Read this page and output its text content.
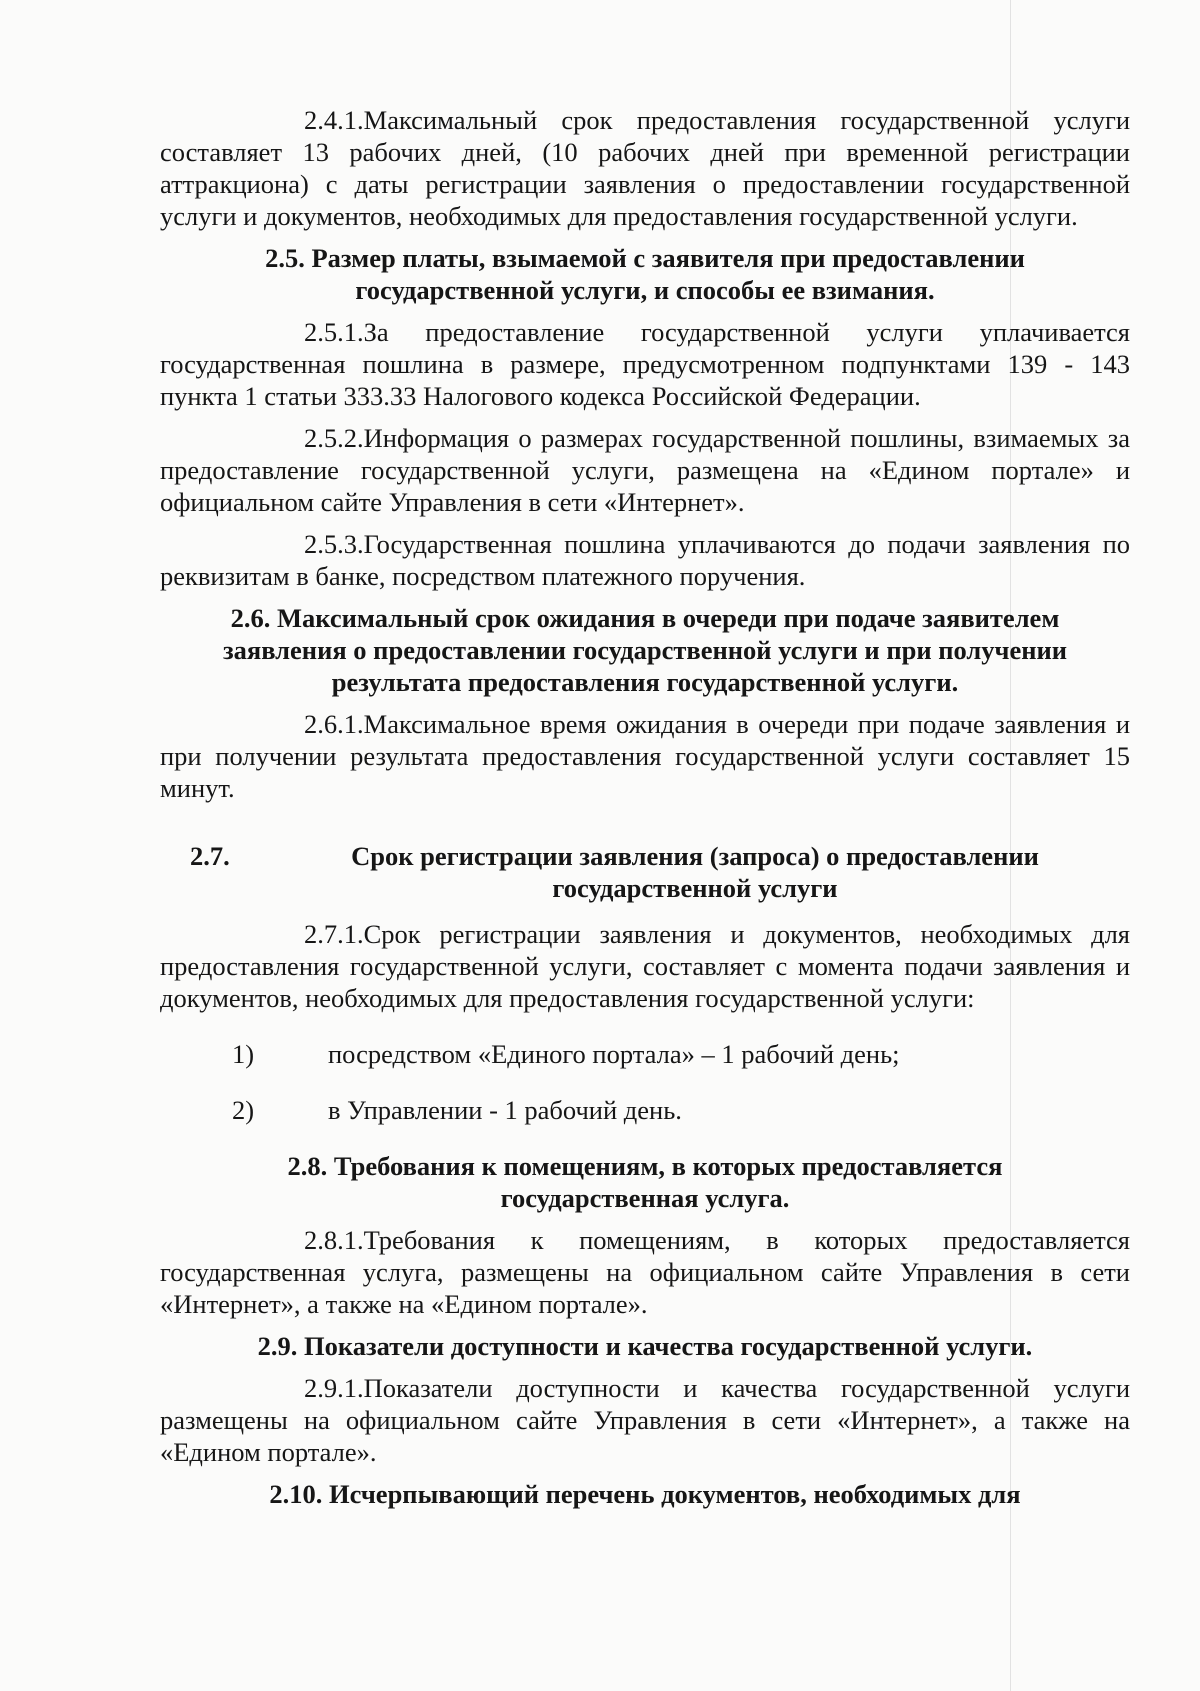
2.4.1.Максимальный срок предоставления государственной услуги составляет 13 рабочих дней, (10 рабочих дней при временной регистрации аттракциона) с даты регистрации заявления о предоставлении государственной услуги и документов, необходимых для предоставления государственной услуги.

2.5. Размер платы, взымаемой с заявителя при предоставлении государственной услуги, и способы ее взимания.

2.5.1.За предоставление государственной услуги уплачивается государственная пошлина в размере, предусмотренном подпунктами 139 - 143 пункта 1 статьи 333.33 Налогового кодекса Российской Федерации.

2.5.2.Информация о размерах государственной пошлины, взимаемых за предоставление государственной услуги, размещена на «Едином портале» и официальном сайте Управления в сети «Интернет».

2.5.3.Государственная пошлина уплачиваются до подачи заявления по реквизитам в банке, посредством платежного поручения.

2.6. Максимальный срок ожидания в очереди при подаче заявителем заявления о предоставлении государственной услуги и при получении результата предоставления государственной услуги.

2.6.1.Максимальное время ожидания в очереди при подаче заявления и при получении результата предоставления государственной услуги составляет 15 минут.

2.7.	Срок регистрации заявления (запроса) о предоставлении государственной услуги

2.7.1.Срок регистрации заявления и документов, необходимых для предоставления государственной услуги, составляет с момента подачи заявления и документов, необходимых для предоставления государственной услуги:

1)	посредством «Единого портала» – 1 рабочий день;
2)	в Управлении - 1 рабочий день.
2.8. Требования к помещениям, в которых предоставляется государственная услуга.

2.8.1.Требования к помещениям, в которых предоставляется государственная услуга, размещены на официальном сайте Управления в сети «Интернет», а также на «Едином портале».

2.9. Показатели доступности и качества государственной услуги.

2.9.1.Показатели доступности и качества государственной услуги размещены на официальном сайте Управления в сети «Интернет», а также на «Едином портале».

2.10. Исчерпывающий перечень документов, необходимых для
